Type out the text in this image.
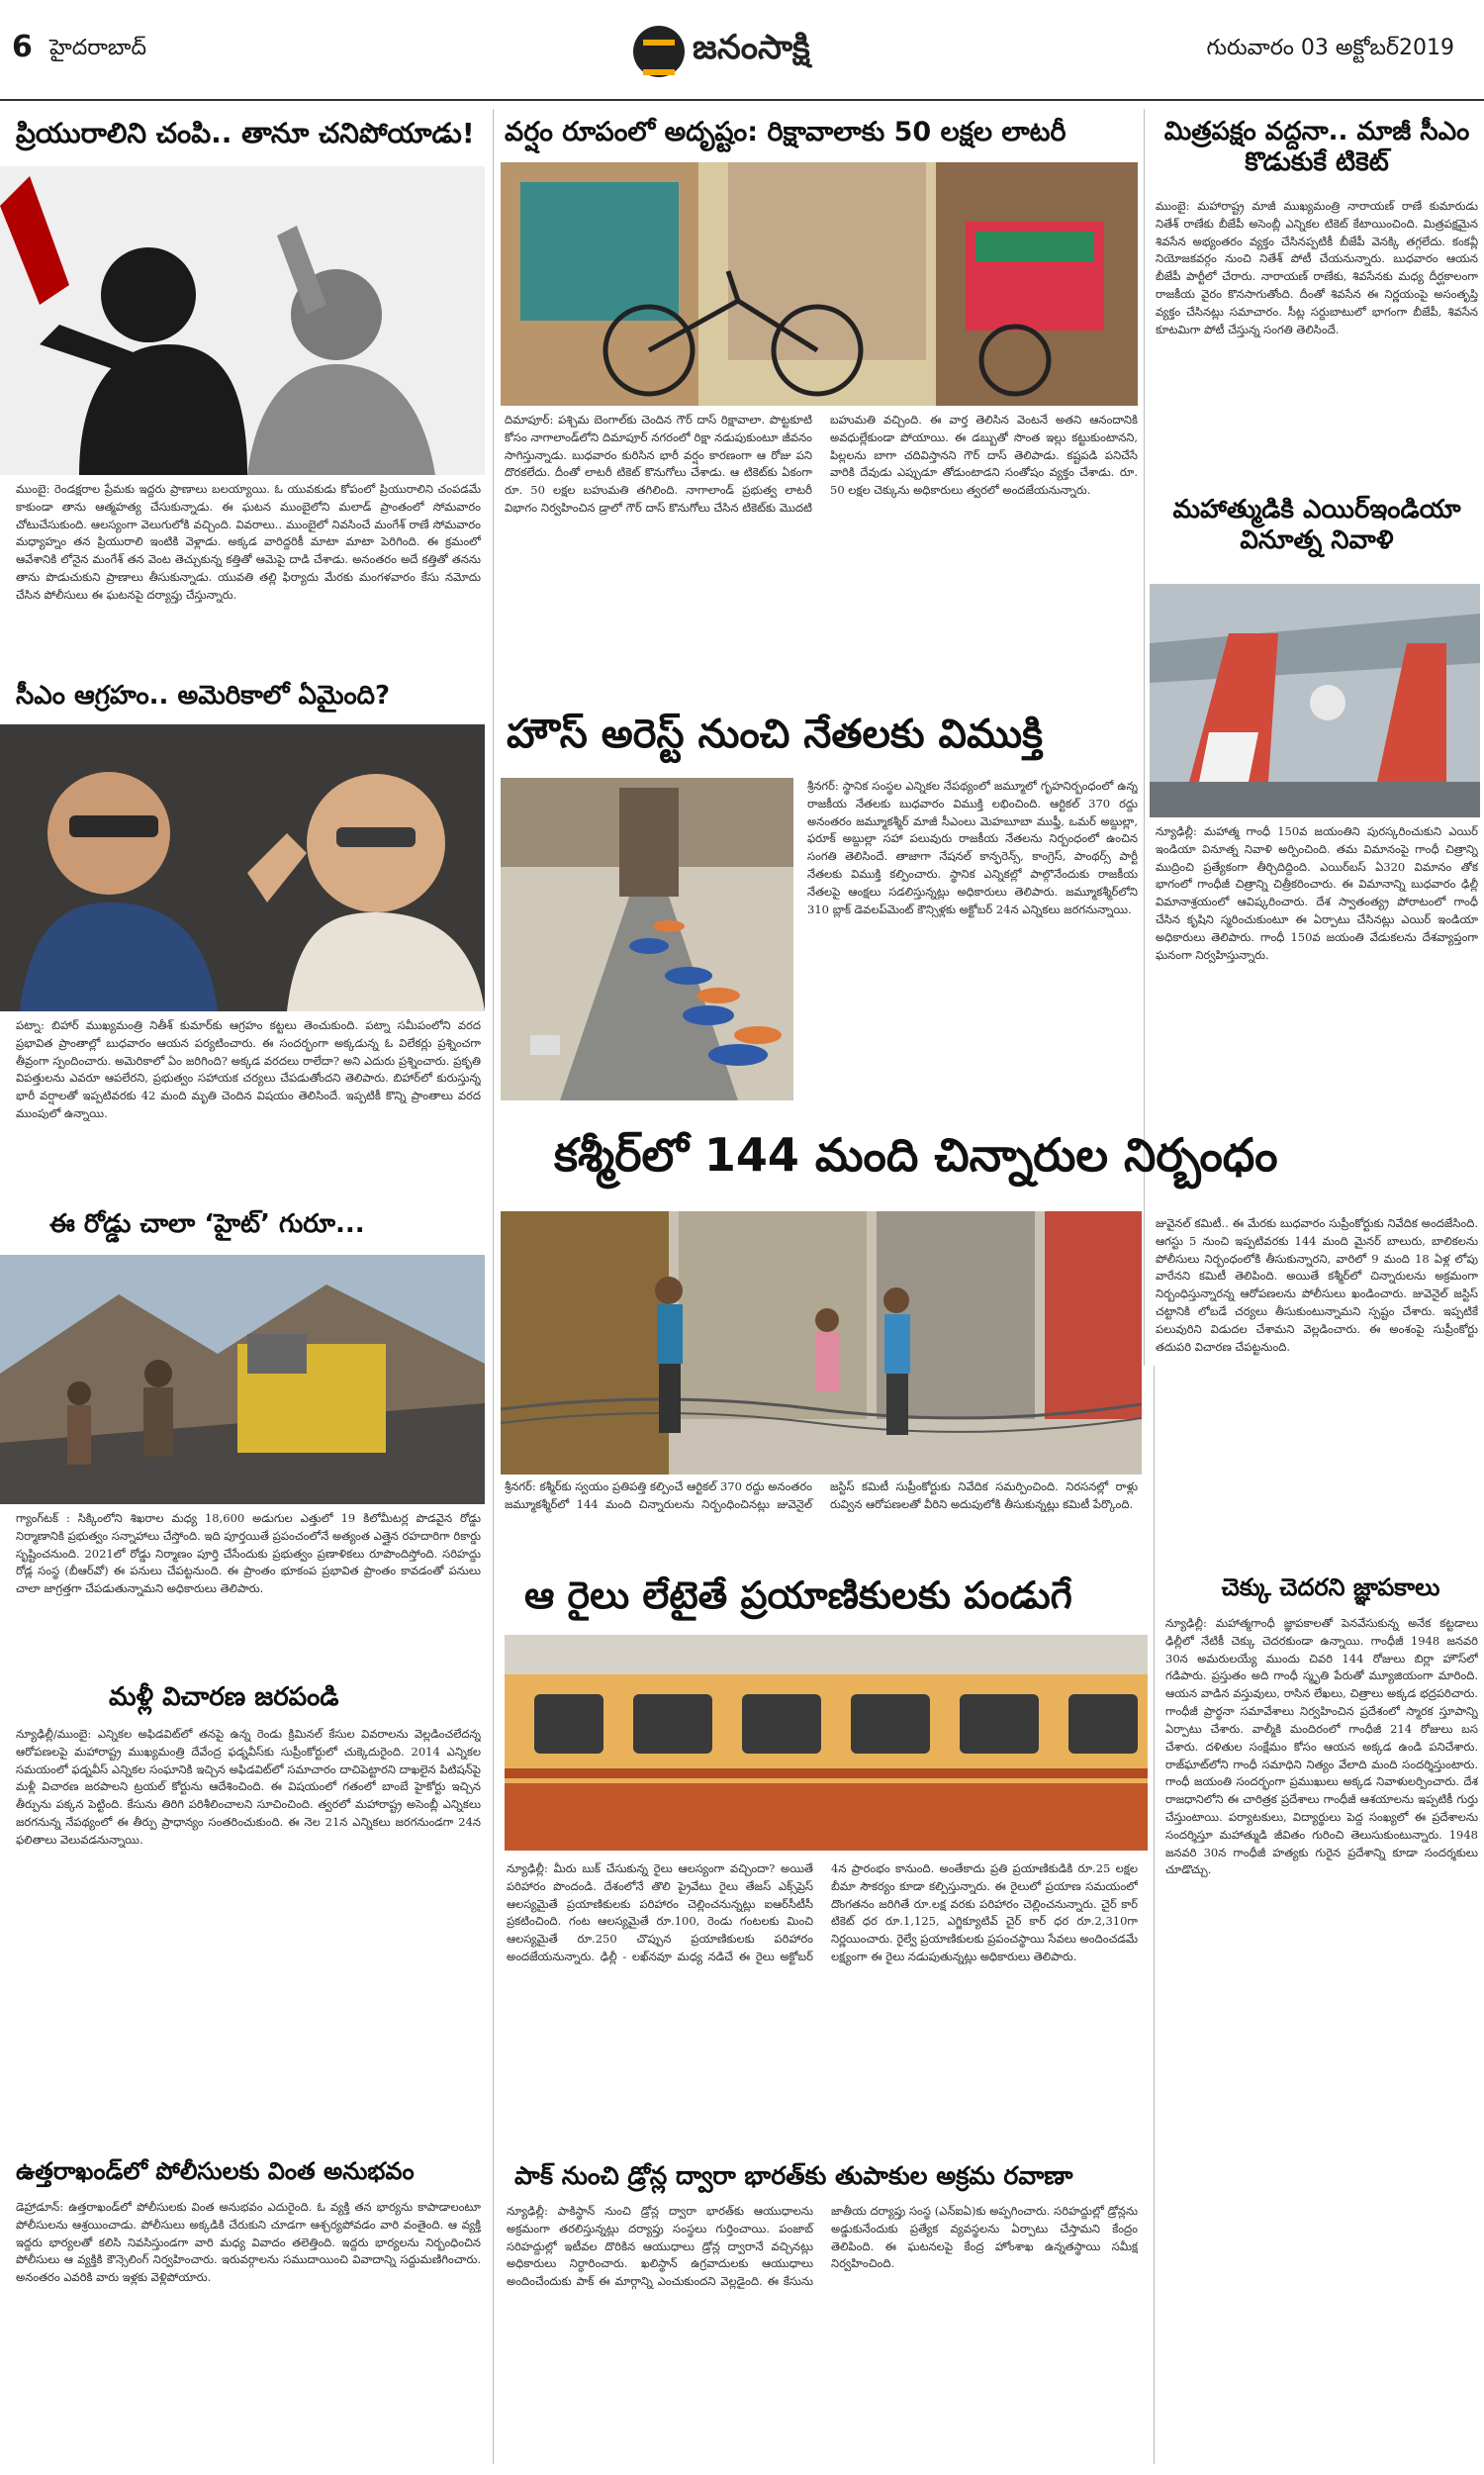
6 హైదరాబాద్	జనంసాక్షి	గురువారం 03 అక్టోబర్2019
ప్రియురాలిని చంపి.. తానూ చనిపోయాడు!
ముంబై: రెండక్షరాల ప్రేమకు ఇద్దరు ప్రాణాలు బలయ్యాయి. ఓ యువకుడు కోపంలో ప్రియురాలిని చంపడమే కాకుండా తాను ఆత్మహత్య చేసుకున్నాడు. ఈ ఘటన ముంబైలోని మలాడ్ ప్రాంతంలో సోమవారం చోటుచేసుకుంది. ఆలస్యంగా వెలుగులోకి వచ్చింది. వివరాలు.. ముంబైలో నివసించే మంగేశ్ రాణే సోమవారం మధ్యాహ్నం తన ప్రియురాలి ఇంటికి వెళ్లాడు. అక్కడ వారిద్దరికీ మాటా మాటా పెరిగింది. ఈ క్రమంలో ఆవేశానికి లోనైన మంగేశ్ తన వెంట తెచ్చుకున్న కత్తితో ఆమెపై దాడి చేశాడు. అనంతరం అదే కత్తితో తనను తాను పొడుచుకుని ప్రాణాలు తీసుకున్నాడు. యువతి తల్లి ఫిర్యాదు మేరకు మంగళవారం కేసు నమోదు చేసిన పోలీసులు ఈ ఘటనపై దర్యాప్తు చేస్తున్నారు.
సీఎం ఆగ్రహం.. అమెరికాలో ఏమైంది?
పట్నా: బిహార్ ముఖ్యమంత్రి నితీశ్ కుమార్‌కు ఆగ్రహం కట్టలు తెంచుకుంది. పట్నా సమీపంలోని వరద ప్రభావిత ప్రాంతాల్లో బుధవారం ఆయన పర్యటించారు. ఈ సందర్భంగా అక్కడున్న ఓ విలేకర్లు ప్రశ్నించగా తీవ్రంగా స్పందించారు. అమెరికాలో ఏం జరిగింది? అక్కడ వరదలు రాలేదా? అని ఎదురు ప్రశ్నించారు. ప్రకృతి విపత్తులను ఎవరూ ఆపలేరని, ప్రభుత్వం సహాయక చర్యలు చేపడుతోందని తెలిపారు. బిహార్‌లో కురుస్తున్న భారీ వర్షాలతో ఇప్పటివరకు 42 మంది మృతి చెందిన విషయం తెలిసిందే. ఇప్పటికీ కొన్ని ప్రాంతాలు వరద ముంపులో ఉన్నాయి.
ఈ రోడ్డు చాలా ‘హైట్’ గురూ...
గ్యాంగ్‌టక్ : సిక్కింలోని శిఖరాల మధ్య 18,600 అడుగుల ఎత్తులో 19 కిలోమీటర్ల పొడవైన రోడ్డు నిర్మాణానికి ప్రభుత్వం సన్నాహాలు చేస్తోంది. ఇది పూర్తయితే ప్రపంచంలోనే అత్యంత ఎత్తైన రహదారిగా రికార్డు సృష్టించనుంది. 2021లో రోడ్డు నిర్మాణం పూర్తి చేసేందుకు ప్రభుత్వం ప్రణాళికలు రూపొందిస్తోంది. సరిహద్దు రోడ్ల సంస్థ (బీఆర్‌వో) ఈ పనులు చేపట్టనుంది. ఈ ప్రాంతం భూకంప ప్రభావిత ప్రాంతం కావడంతో పనులు చాలా జాగ్రత్తగా చేపడుతున్నామని అధికారులు తెలిపారు.
మళ్లీ విచారణ జరపండి
న్యూఢిల్లీ/ముంబై: ఎన్నికల అఫిడవిట్‌లో తనపై ఉన్న రెండు క్రిమినల్ కేసుల వివరాలను వెల్లడించలేదన్న ఆరోపణలపై మహారాష్ట్ర ముఖ్యమంత్రి దేవేంద్ర ఫడ్నవీస్‌కు సుప్రీంకోర్టులో చుక్కెదురైంది. 2014 ఎన్నికల సమయంలో ఫడ్నవీస్ ఎన్నికల సంఘానికి ఇచ్చిన అఫిడవిట్‌లో సమాచారం దాచిపెట్టారని దాఖలైన పిటిషన్‌పై మళ్లీ విచారణ జరపాలని ట్రయల్ కోర్టును ఆదేశించింది. ఈ విషయంలో గతంలో బాంబే హైకోర్టు ఇచ్చిన తీర్పును పక్కన పెట్టింది. కేసును తిరిగి పరిశీలించాలని సూచించింది. త్వరలో మహారాష్ట్ర అసెంబ్లీ ఎన్నికలు జరగనున్న నేపథ్యంలో ఈ తీర్పు ప్రాధాన్యం సంతరించుకుంది. ఈ నెల 21న ఎన్నికలు జరగనుండగా 24న ఫలితాలు వెలువడనున్నాయి.
ఉత్తరాఖండ్‌లో పోలీసులకు వింత అనుభవం
డెహ్రాడూన్: ఉత్తరాఖండ్‌లో పోలీసులకు వింత అనుభవం ఎదురైంది. ఓ వ్యక్తి తన భార్యను కాపాడాలంటూ పోలీసులను ఆశ్రయించాడు. పోలీసులు అక్కడికి చేరుకుని చూడగా ఆశ్చర్యపోవడం వారి వంతైంది. ఆ వ్యక్తి ఇద్దరు భార్యలతో కలిసి నివసిస్తుండగా వారి మధ్య వివాదం తలెత్తింది. ఇద్దరు భార్యలను నిర్బంధించిన పోలీసులు ఆ వ్యక్తికి కౌన్సెలింగ్ నిర్వహించారు. ఇరువర్గాలను సముదాయించి వివాదాన్ని సద్దుమణిగించారు. అనంతరం ఎవరికి వారు ఇళ్లకు వెళ్లిపోయారు.
వర్షం రూపంలో అదృష్టం: రిక్షావాలాకు 50 లక్షల లాటరీ
దిమాపూర్: పశ్చిమ బెంగాల్‌కు చెందిన గౌర్ దాస్ రిక్షావాలా. పొట్టకూటి కోసం నాగాలాండ్‌లోని దిమాపూర్ నగరంలో రిక్షా నడుపుకుంటూ జీవనం సాగిస్తున్నాడు. బుధవారం కురిసిన భారీ వర్షం కారణంగా ఆ రోజు పని దొరకలేదు. దీంతో లాటరీ టికెట్ కొనుగోలు చేశాడు. ఆ టికెట్‌కు ఏకంగా రూ. 50 లక్షల బహుమతి తగిలింది. నాగాలాండ్ ప్రభుత్వ లాటరీ విభాగం నిర్వహించిన డ్రాలో గౌర్ దాస్ కొనుగోలు చేసిన టికెట్‌కు మొదటి బహుమతి వచ్చింది. ఈ వార్త తెలిసిన వెంటనే అతని ఆనందానికి అవధుల్లేకుండా పోయాయి. ఈ డబ్బుతో సొంత ఇల్లు కట్టుకుంటానని, పిల్లలను బాగా చదివిస్తానని గౌర్ దాస్ తెలిపాడు. కష్టపడి పనిచేసే వారికి దేవుడు ఎప్పుడూ తోడుంటాడని సంతోషం వ్యక్తం చేశాడు. రూ. 50 లక్షల చెక్కును అధికారులు త్వరలో అందజేయనున్నారు.
హౌస్ అరెస్ట్ నుంచి నేతలకు విముక్తి
శ్రీనగర్: స్థానిక సంస్థల ఎన్నికల నేపథ్యంలో జమ్మూలో గృహనిర్బంధంలో ఉన్న రాజకీయ నేతలకు బుధవారం విముక్తి లభించింది. ఆర్టికల్ 370 రద్దు అనంతరం జమ్మూకశ్మీర్ మాజీ సీఎంలు మెహబూబా ముఫ్తీ, ఒమర్ అబ్దుల్లా, ఫరూక్ అబ్దుల్లా సహా పలువురు రాజకీయ నేతలను నిర్బంధంలో ఉంచిన సంగతి తెలిసిందే. తాజాగా నేషనల్ కాన్ఫరెన్స్, కాంగ్రెస్, పాంథర్స్ పార్టీ నేతలకు విముక్తి కల్పించారు. స్థానిక ఎన్నికల్లో పాల్గొనేందుకు రాజకీయ నేతలపై ఆంక్షలు సడలిస్తున్నట్లు అధికారులు తెలిపారు. జమ్మూకశ్మీర్‌లోని 310 బ్లాక్ డెవలప్‌మెంట్ కౌన్సిళ్లకు అక్టోబర్ 24న ఎన్నికలు జరగనున్నాయి.
కశ్మీర్‌లో 144 మంది చిన్నారుల నిర్బంధం
శ్రీనగర్: కశ్మీర్‌కు స్వయం ప్రతిపత్తి కల్పించే ఆర్టికల్ 370 రద్దు అనంతరం జమ్మూకశ్మీర్‌లో 144 మంది చిన్నారులను నిర్బంధించినట్లు జువెనైల్ జస్టిస్ కమిటీ సుప్రీంకోర్టుకు నివేదిక సమర్పించింది. నిరసనల్లో రాళ్లు రువ్విన ఆరోపణలతో వీరిని అదుపులోకి తీసుకున్నట్లు కమిటీ పేర్కొంది.
జువైనల్ కమిటీ.. ఈ మేరకు బుధవారం సుప్రీంకోర్టుకు నివేదిక అందజేసింది. ఆగస్టు 5 నుంచి ఇప్పటివరకు 144 మంది మైనర్ బాలురు, బాలికలను పోలీసులు నిర్బంధంలోకి తీసుకున్నారని, వారిలో 9 మంది 18 ఏళ్ల లోపు వారేనని కమిటీ తెలిపింది. అయితే కశ్మీర్‌లో చిన్నారులను అక్రమంగా నిర్బంధిస్తున్నారన్న ఆరోపణలను పోలీసులు ఖండించారు. జువెనైల్ జస్టిస్ చట్టానికి లోబడే చర్యలు తీసుకుంటున్నామని స్పష్టం చేశారు. ఇప్పటికే పలువురిని విడుదల చేశామని వెల్లడించారు. ఈ అంశంపై సుప్రీంకోర్టు తదుపరి విచారణ చేపట్టనుంది.
ఆ రైలు లేటైతే ప్రయాణికులకు పండుగే
న్యూఢిల్లీ: మీరు బుక్ చేసుకున్న రైలు ఆలస్యంగా వచ్చిందా? అయితే పరిహారం పొందండి. దేశంలోనే తొలి ప్రైవేటు రైలు తేజస్ ఎక్స్‌ప్రెస్ ఆలస్యమైతే ప్రయాణికులకు పరిహారం చెల్లించనున్నట్లు ఐఆర్‌సీటీసీ ప్రకటించింది. గంట ఆలస్యమైతే రూ.100, రెండు గంటలకు మించి ఆలస్యమైతే రూ.250 చొప్పున ప్రయాణికులకు పరిహారం అందజేయనున్నారు. ఢిల్లీ - లఖ్‌నవూ మధ్య నడిచే ఈ రైలు అక్టోబర్ 4న ప్రారంభం కానుంది. అంతేకాదు ప్రతి ప్రయాణికుడికి రూ.25 లక్షల బీమా సౌకర్యం కూడా కల్పిస్తున్నారు. ఈ రైలులో ప్రయాణ సమయంలో దొంగతనం జరిగితే రూ.లక్ష వరకు పరిహారం చెల్లించనున్నారు. చైర్ కార్ టికెట్ ధర రూ.1,125, ఎగ్జిక్యూటివ్ చైర్ కార్ ధర రూ.2,310గా నిర్ణయించారు. రైల్వే ప్రయాణికులకు ప్రపంచస్థాయి సేవలు అందించడమే లక్ష్యంగా ఈ రైలు నడుపుతున్నట్లు అధికారులు తెలిపారు.
పాక్ నుంచి డ్రోన్ల ద్వారా భారత్‌కు తుపాకుల అక్రమ రవాణా
న్యూఢిల్లీ: పాకిస్థాన్ నుంచి డ్రోన్ల ద్వారా భారత్‌కు ఆయుధాలను అక్రమంగా తరలిస్తున్నట్లు దర్యాప్తు సంస్థలు గుర్తించాయి. పంజాబ్ సరిహద్దుల్లో ఇటీవల దొరికిన ఆయుధాలు డ్రోన్ల ద్వారానే వచ్చినట్లు అధికారులు నిర్ధారించారు. ఖలిస్థాన్ ఉగ్రవాదులకు ఆయుధాలు అందించేందుకు పాక్ ఈ మార్గాన్ని ఎంచుకుందని వెల్లడైంది. ఈ కేసును జాతీయ దర్యాప్తు సంస్థ (ఎన్‌ఐఏ)కు అప్పగించారు. సరిహద్దుల్లో డ్రోన్లను అడ్డుకునేందుకు ప్రత్యేక వ్యవస్థలను ఏర్పాటు చేస్తామని కేంద్రం తెలిపింది. ఈ ఘటనలపై కేంద్ర హోంశాఖ ఉన్నతస్థాయి సమీక్ష నిర్వహించింది.
మిత్రపక్షం వద్దనా.. మాజీ సీఎం కొడుకుకే టికెట్
ముంబై: మహారాష్ట్ర మాజీ ముఖ్యమంత్రి నారాయణ్ రాణే కుమారుడు నితేశ్ రాణేకు బీజేపీ అసెంబ్లీ ఎన్నికల టికెట్ కేటాయించింది. మిత్రపక్షమైన శివసేన అభ్యంతరం వ్యక్తం చేసినప్పటికీ బీజేపీ వెనక్కి తగ్గలేదు. కంకవ్లీ నియోజకవర్గం నుంచి నితేశ్ పోటీ చేయనున్నారు. బుధవారం ఆయన బీజేపీ పార్టీలో చేరారు. నారాయణ్ రాణేకు, శివసేనకు మధ్య దీర్ఘకాలంగా రాజకీయ వైరం కొనసాగుతోంది. దీంతో శివసేన ఈ నిర్ణయంపై అసంతృప్తి వ్యక్తం చేసినట్లు సమాచారం. సీట్ల సర్దుబాటులో భాగంగా బీజేపీ, శివసేన కూటమిగా పోటీ చేస్తున్న సంగతి తెలిసిందే.
మహాత్ముడికి ఎయిర్‌ఇండియా వినూత్న నివాళి
న్యూఢిల్లీ: మహాత్మ గాంధీ 150వ జయంతిని పురస్కరించుకుని ఎయిర్ ఇండియా వినూత్న నివాళి అర్పించింది. తమ విమానంపై గాంధీ చిత్రాన్ని ముద్రించి ప్రత్యేకంగా తీర్చిదిద్దింది. ఎయిర్‌బస్ ఏ320 విమానం తోక భాగంలో గాంధీజీ చిత్రాన్ని చిత్రీకరించారు. ఈ విమానాన్ని బుధవారం ఢిల్లీ విమానాశ్రయంలో ఆవిష్కరించారు. దేశ స్వాతంత్య్ర పోరాటంలో గాంధీ చేసిన కృషిని స్మరించుకుంటూ ఈ ఏర్పాటు చేసినట్లు ఎయిర్ ఇండియా అధికారులు తెలిపారు. గాంధీ 150వ జయంతి వేడుకలను దేశవ్యాప్తంగా ఘనంగా నిర్వహిస్తున్నారు.
చెక్కు చెదరని జ్ఞాపకాలు
న్యూఢిల్లీ: మహాత్మగాంధీ జ్ఞాపకాలతో పెనవేసుకున్న అనేక కట్టడాలు ఢిల్లీలో నేటికీ చెక్కు చెదరకుండా ఉన్నాయి. గాంధీజీ 1948 జనవరి 30న అమరులయ్యే ముందు చివరి 144 రోజులు బిర్లా హౌస్‌లో గడిపారు. ప్రస్తుతం అది గాంధీ స్మృతి పేరుతో మ్యూజియంగా మారింది. ఆయన వాడిన వస్తువులు, రాసిన లేఖలు, చిత్రాలు అక్కడ భద్రపరిచారు. గాంధీజీ ప్రార్థనా సమావేశాలు నిర్వహించిన ప్రదేశంలో స్మారక స్తూపాన్ని ఏర్పాటు చేశారు. వాల్మీకి మందిరంలో గాంధీజీ 214 రోజులు బస చేశారు. దళితుల సంక్షేమం కోసం ఆయన అక్కడ ఉండి పనిచేశారు. రాజ్‌ఘాట్‌లోని గాంధీ సమాధిని నిత్యం వేలాది మంది సందర్శిస్తుంటారు. గాంధీ జయంతి సందర్భంగా ప్రముఖులు అక్కడ నివాళులర్పించారు. దేశ రాజధానిలోని ఈ చారిత్రక ప్రదేశాలు గాంధీజీ ఆశయాలను ఇప్పటికీ గుర్తు చేస్తుంటాయి. పర్యాటకులు, విద్యార్థులు పెద్ద సంఖ్యలో ఈ ప్రదేశాలను సందర్శిస్తూ మహాత్ముడి జీవితం గురించి తెలుసుకుంటున్నారు. 1948 జనవరి 30న గాంధీజీ హత్యకు గురైన ప్రదేశాన్ని కూడా సందర్శకులు చూడొచ్చు.
